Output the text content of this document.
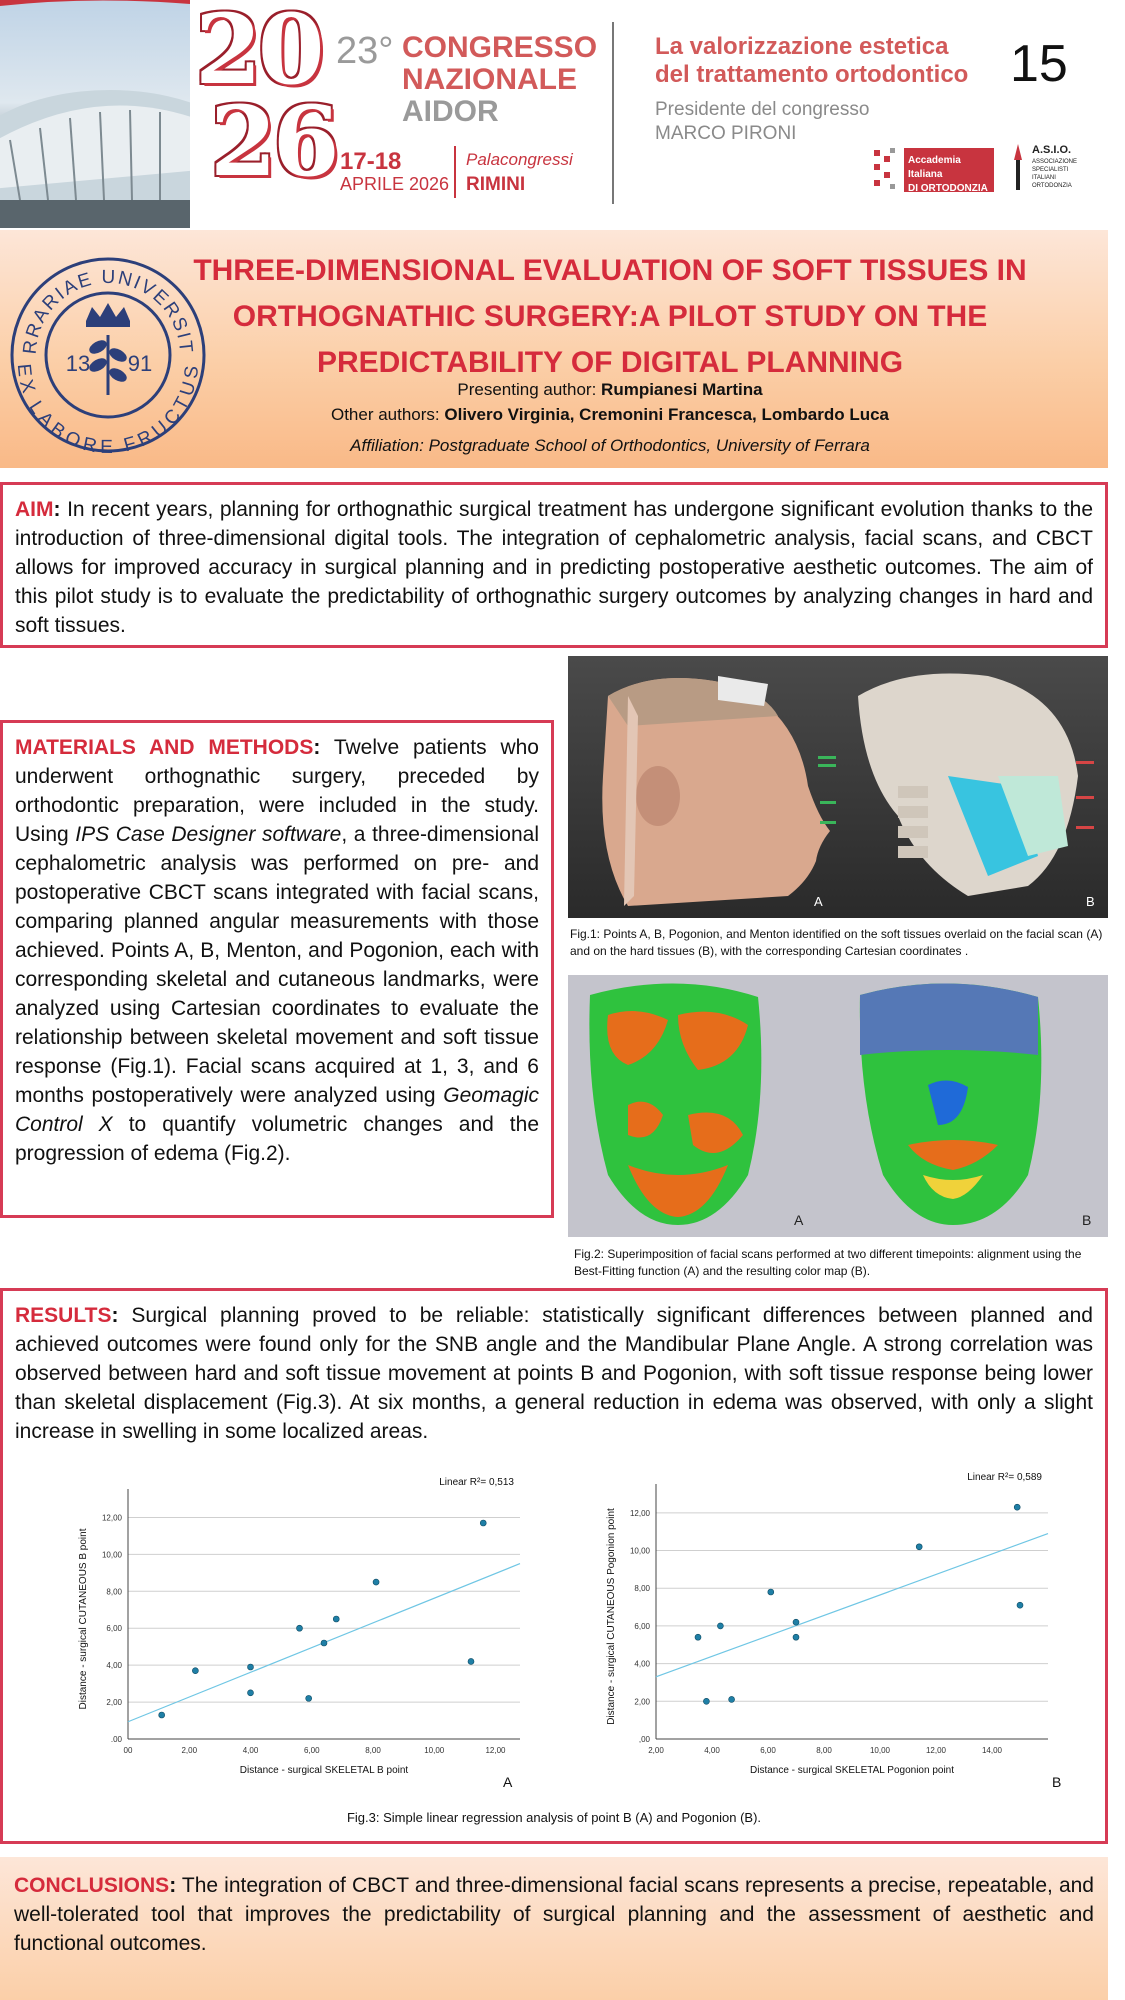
20
26
23° CONGRESSO
NAZIONALE
AIDOR
17-18
APRILE 2026
Palacongressi
RIMINI
La valorizzazione estetica
del trattamento ortodontico
Presidente del congresso
MARCO PIRONI
15
Accademia Italiana
DI ORTODONZIA
A.S.I.O.
ASSOCIAZIONE SPECIALISTI ITALIANI ORTODONZIA
RRARIAE UNIVERSIT
EX LABORE FRUCTUS
13 91
THREE-DIMENSIONAL EVALUATION OF SOFT TISSUES IN
ORTHOGNATHIC SURGERY:A PILOT STUDY ON THE
PREDICTABILITY OF DIGITAL PLANNING
Presenting author: Rumpianesi Martina
Other authors: Olivero Virginia, Cremonini Francesca, Lombardo Luca
Affiliation: Postgraduate School of Orthodontics, University of Ferrara
AIM: In recent years, planning for orthognathic surgical treatment has undergone significant evolution thanks to the introduction of three-dimensional digital tools. The integration of cephalometric analysis, facial scans, and CBCT allows for improved accuracy in surgical planning and in predicting postoperative aesthetic outcomes. The aim of this pilot study is to evaluate the predictability of orthognathic surgery outcomes by analyzing changes in hard and soft tissues.
MATERIALS AND METHODS: Twelve patients who underwent orthognathic surgery, preceded by orthodontic preparation, were included in the study. Using IPS Case Designer software, a three-dimensional cephalometric analysis was performed on pre- and postoperative CBCT scans integrated with facial scans, comparing planned angular measurements with those achieved. Points A, B, Menton, and Pogonion, each with corresponding skeletal and cutaneous landmarks, were analyzed using Cartesian coordinates to evaluate the relationship between skeletal movement and soft tissue response (Fig.1). Facial scans acquired at 1, 3, and 6 months postoperatively were analyzed using Geomagic Control X to quantify volumetric changes and the progression of edema (Fig.2).
A	B
Fig.1: Points A, B, Pogonion, and Menton identified on the soft tissues overlaid on the facial scan (A) and on the hard tissues (B), with the corresponding Cartesian coordinates .
A	B
Fig.2: Superimposition of facial scans performed at two different timepoints: alignment using the Best-Fitting function (A) and the resulting color map (B).
RESULTS: Surgical planning proved to be reliable: statistically significant differences between planned and achieved outcomes were found only for the SNB angle and the Mandibular Plane Angle. A strong correlation was observed between hard and soft tissue movement at points B and Pogonion, with soft tissue response being lower than skeletal displacement (Fig.3). At six months, a general reduction in edema was observed, with only a slight increase in swelling in some localized areas.
.00
2,00
4,00
6,00
8,00
10,00
12,00
00	2,00	4,00	6,00	8,00	10,00	12,00
Linear R²= 0,513
Distance - surgical SKELETAL B point
Distance - surgical CUTANEOUS B point
,00
2,00
4,00
6,00
8,00
10,00
12,00
2,00	4,00	6,00	8,00	10,00	12,00	14,00
Linear R²= 0,589
Distance - surgical SKELETAL Pogonion point
Distance - surgical CUTANEOUS Pogonion point
A	B
Fig.3: Simple linear regression analysis of point B (A) and Pogonion (B).
CONCLUSIONS: The integration of CBCT and three-dimensional facial scans represents a precise, repeatable, and well-tolerated tool that improves the predictability of surgical planning and the assessment of aesthetic and functional outcomes.
